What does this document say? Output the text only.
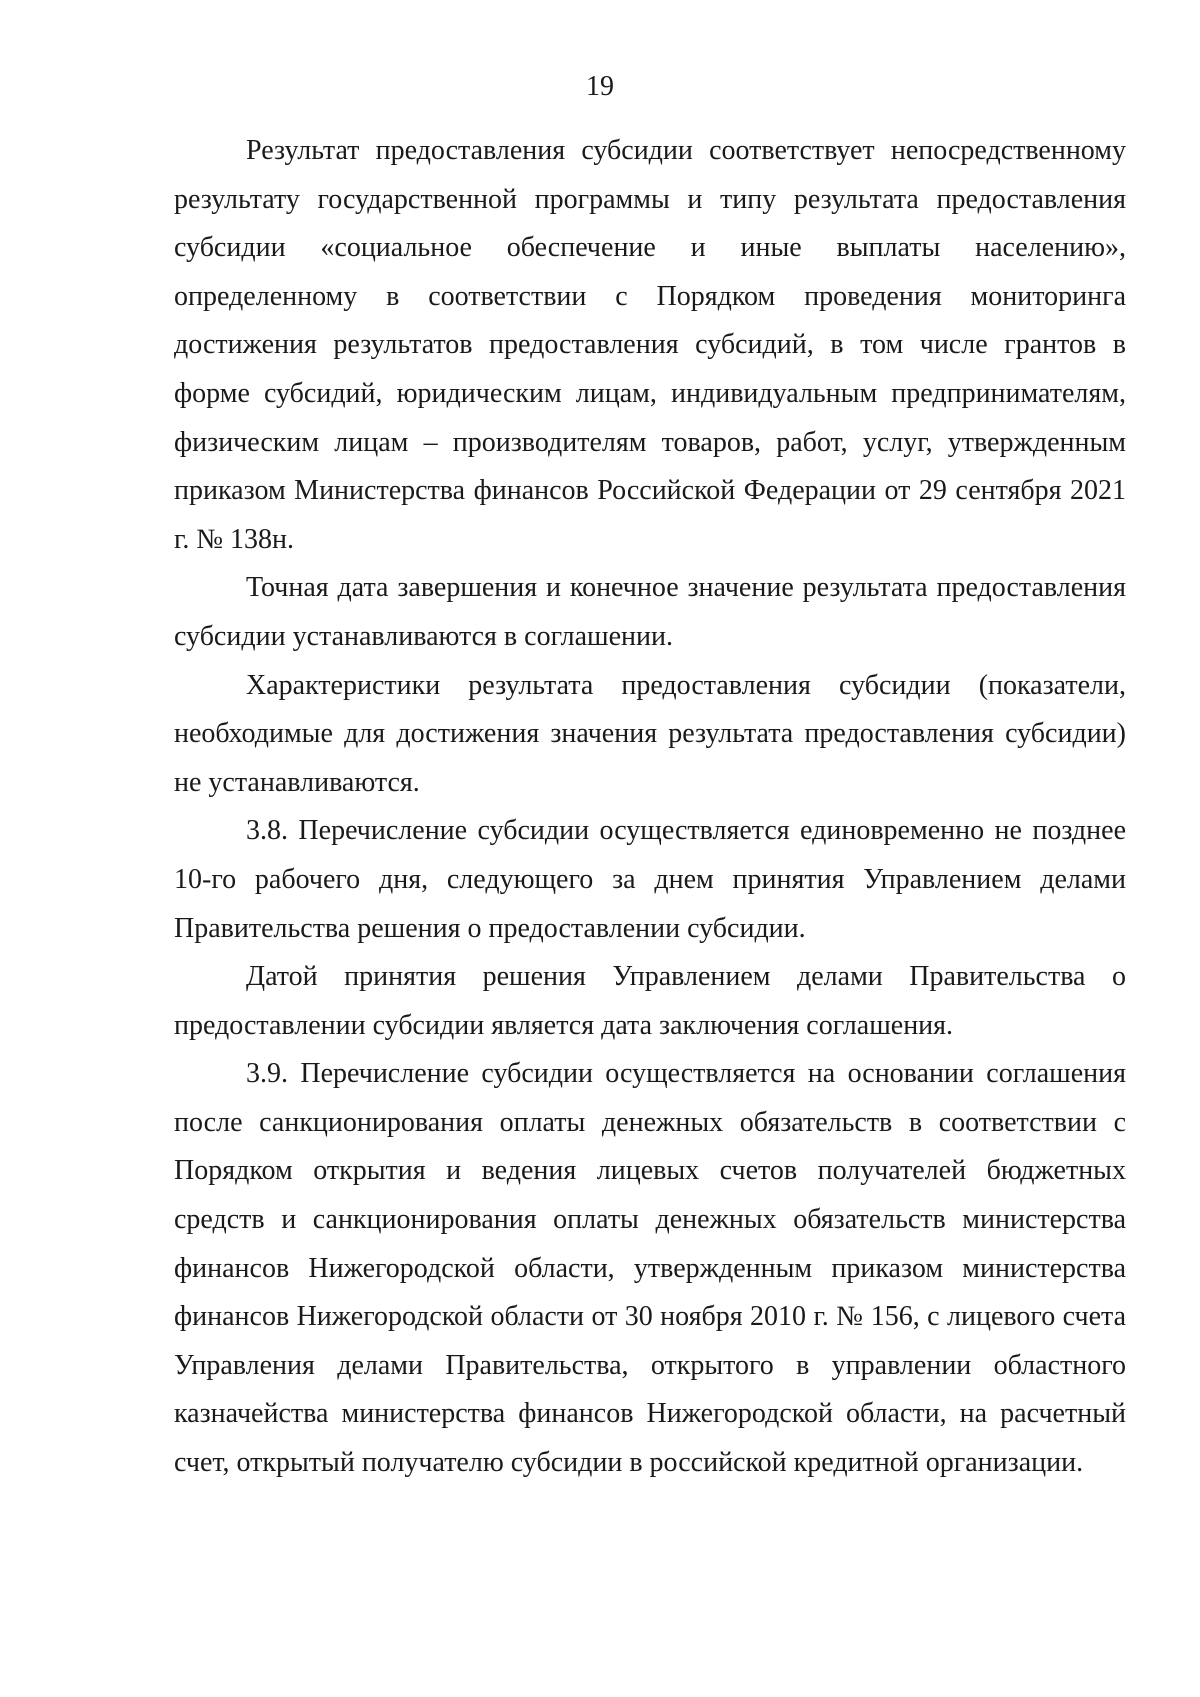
19

Результат предоставления субсидии соответствует непосредственному результату государственной программы и типу результата предоставления субсидии «социальное обеспечение и иные выплаты населению», определенному в соответствии с Порядком проведения мониторинга достижения результатов предоставления субсидий, в том числе грантов в форме субсидий, юридическим лицам, индивидуальным предпринимателям, физическим лицам – производителям товаров, работ, услуг, утвержденным приказом Министерства финансов Российской Федерации от 29 сентября 2021 г. № 138н.

Точная дата завершения и конечное значение результата предоставления субсидии устанавливаются в соглашении.

Характеристики результата предоставления субсидии (показатели, необходимые для достижения значения результата предоставления субсидии) не устанавливаются.

3.8. Перечисление субсидии осуществляется единовременно не позднее 10-го рабочего дня, следующего за днем принятия Управлением делами Правительства решения о предоставлении субсидии.

Датой принятия решения Управлением делами Правительства о предоставлении субсидии является дата заключения соглашения.

3.9. Перечисление субсидии осуществляется на основании соглашения после санкционирования оплаты денежных обязательств в соответствии с Порядком открытия и ведения лицевых счетов получателей бюджетных средств и санкционирования оплаты денежных обязательств министерства финансов Нижегородской области, утвержденным приказом министерства финансов Нижегородской области от 30 ноября 2010 г. № 156, с лицевого счета Управления делами Правительства, открытого в управлении областного казначейства министерства финансов Нижегородской области, на расчетный счет, открытый получателю субсидии в российской кредитной организации.
